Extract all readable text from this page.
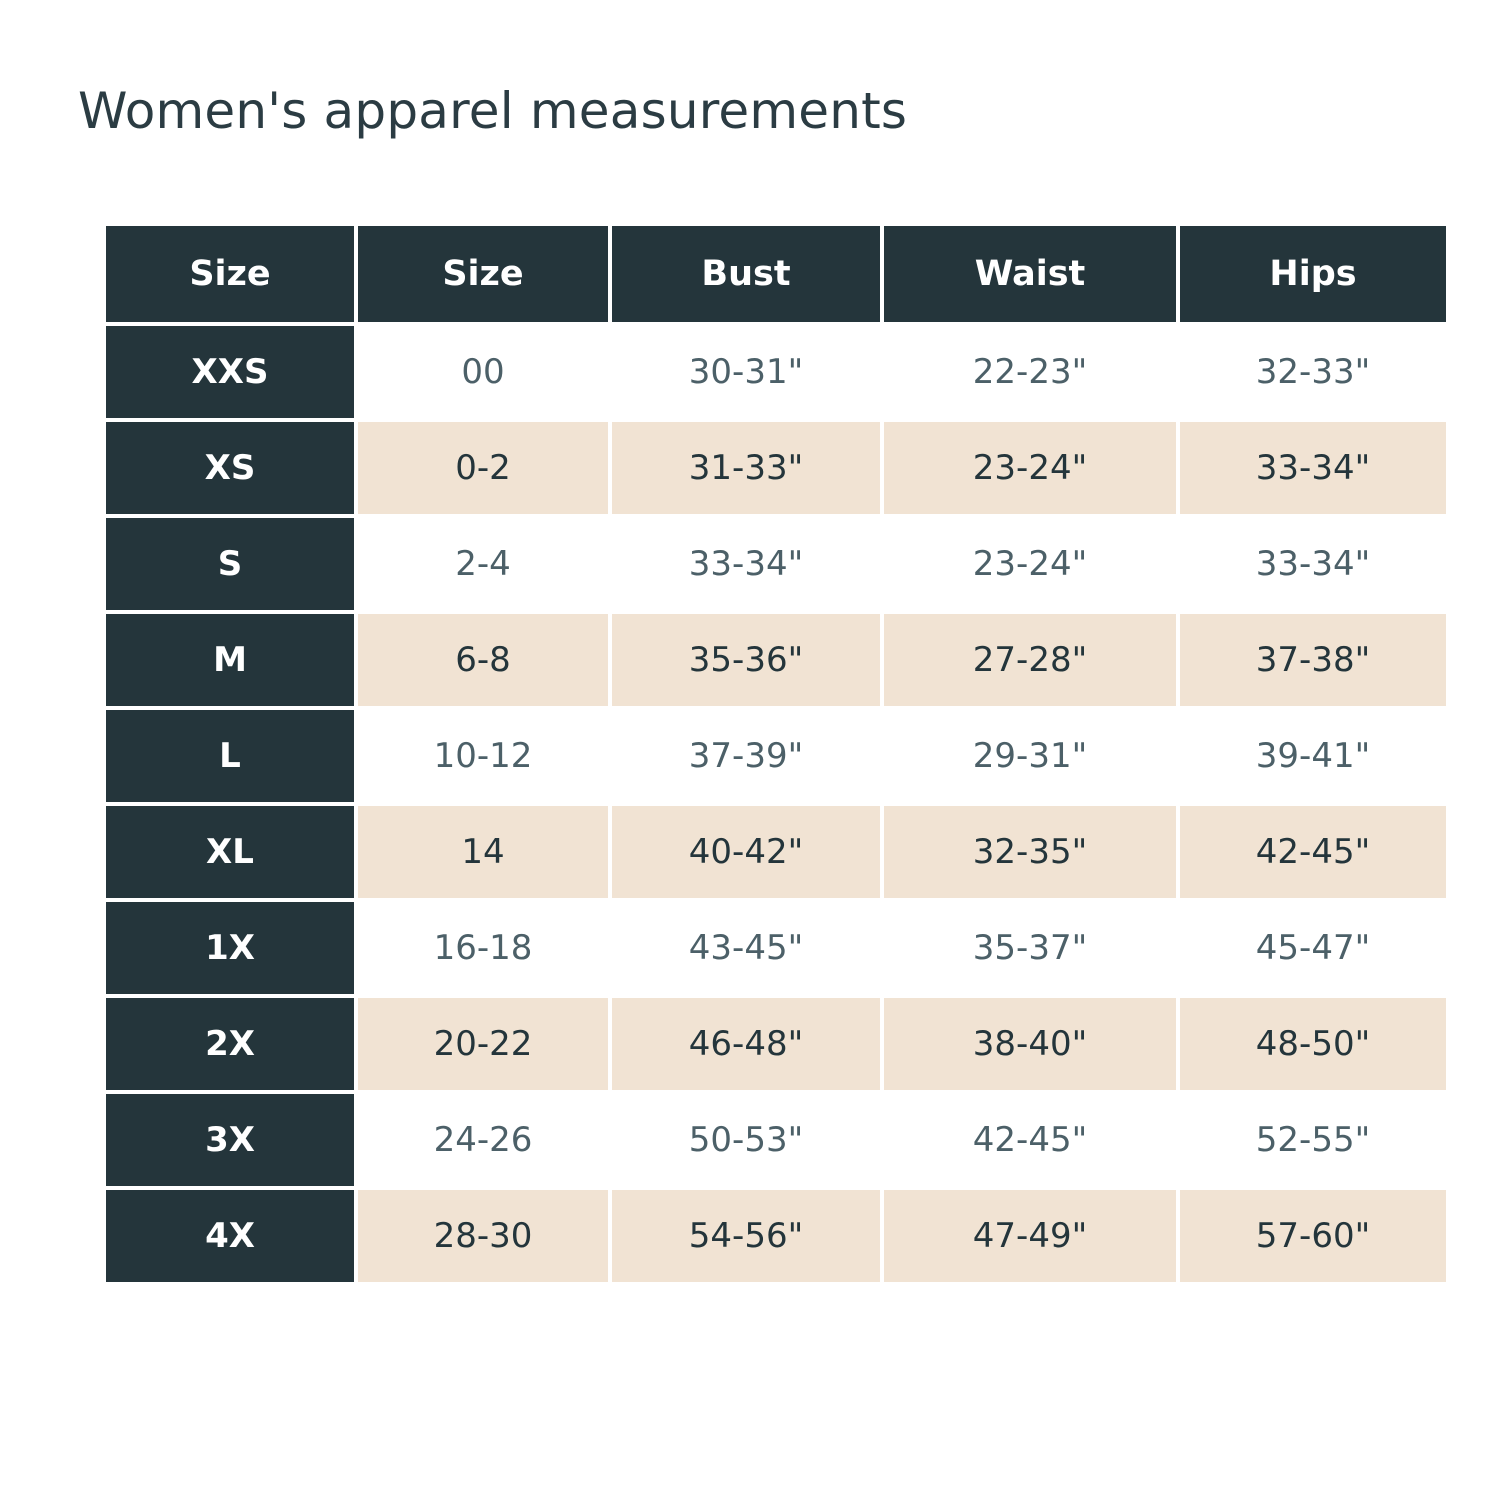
Women's apparel measurements
Size	Size	Bust	Waist	Hips
XXS	00	30-31"	22-23"	32-33"
XS	0-2	31-33"	23-24"	33-34"
S	2-4	33-34"	23-24"	33-34"
M	6-8	35-36"	27-28"	37-38"
L	10-12	37-39"	29-31"	39-41"
XL	14	40-42"	32-35"	42-45"
1X	16-18	43-45"	35-37"	45-47"
2X	20-22	46-48"	38-40"	48-50"
3X	24-26	50-53"	42-45"	52-55"
4X	28-30	54-56"	47-49"	57-60"
